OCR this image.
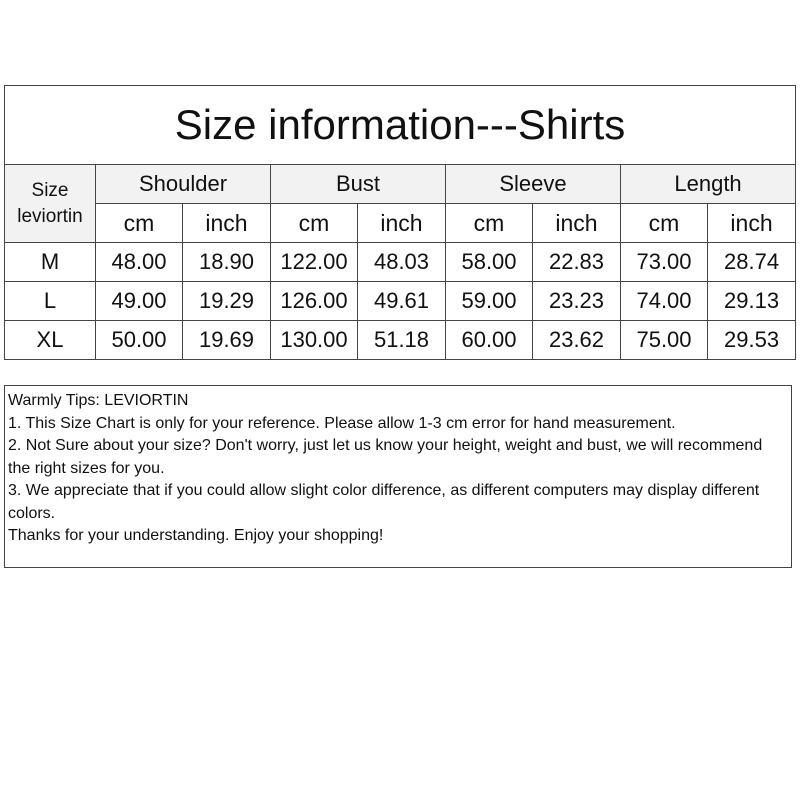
Size information---Shirts								

Size
leviortin	Shoulder		Bust		Sleeve		Length	
	cm	inch	cm	inch	cm	inch	cm	inch
M	48.00	18.90	122.00	48.03	58.00	22.83	73.00	28.74
L	49.00	19.29	126.00	49.61	59.00	23.23	74.00	29.13
XL	50.00	19.69	130.00	51.18	60.00	23.62	75.00	29.53

Warmly Tips: LEVIORTIN

1. This Size Chart is only for your reference. Please allow 1-3 cm error for hand measurement.

2. Not Sure about your size? Don't worry, just let us know your height, weight and bust, we will recommend the right sizes for you.

3. We appreciate that if you could allow slight color difference, as different computers may display different colors.

Thanks for your understanding. Enjoy your shopping!
